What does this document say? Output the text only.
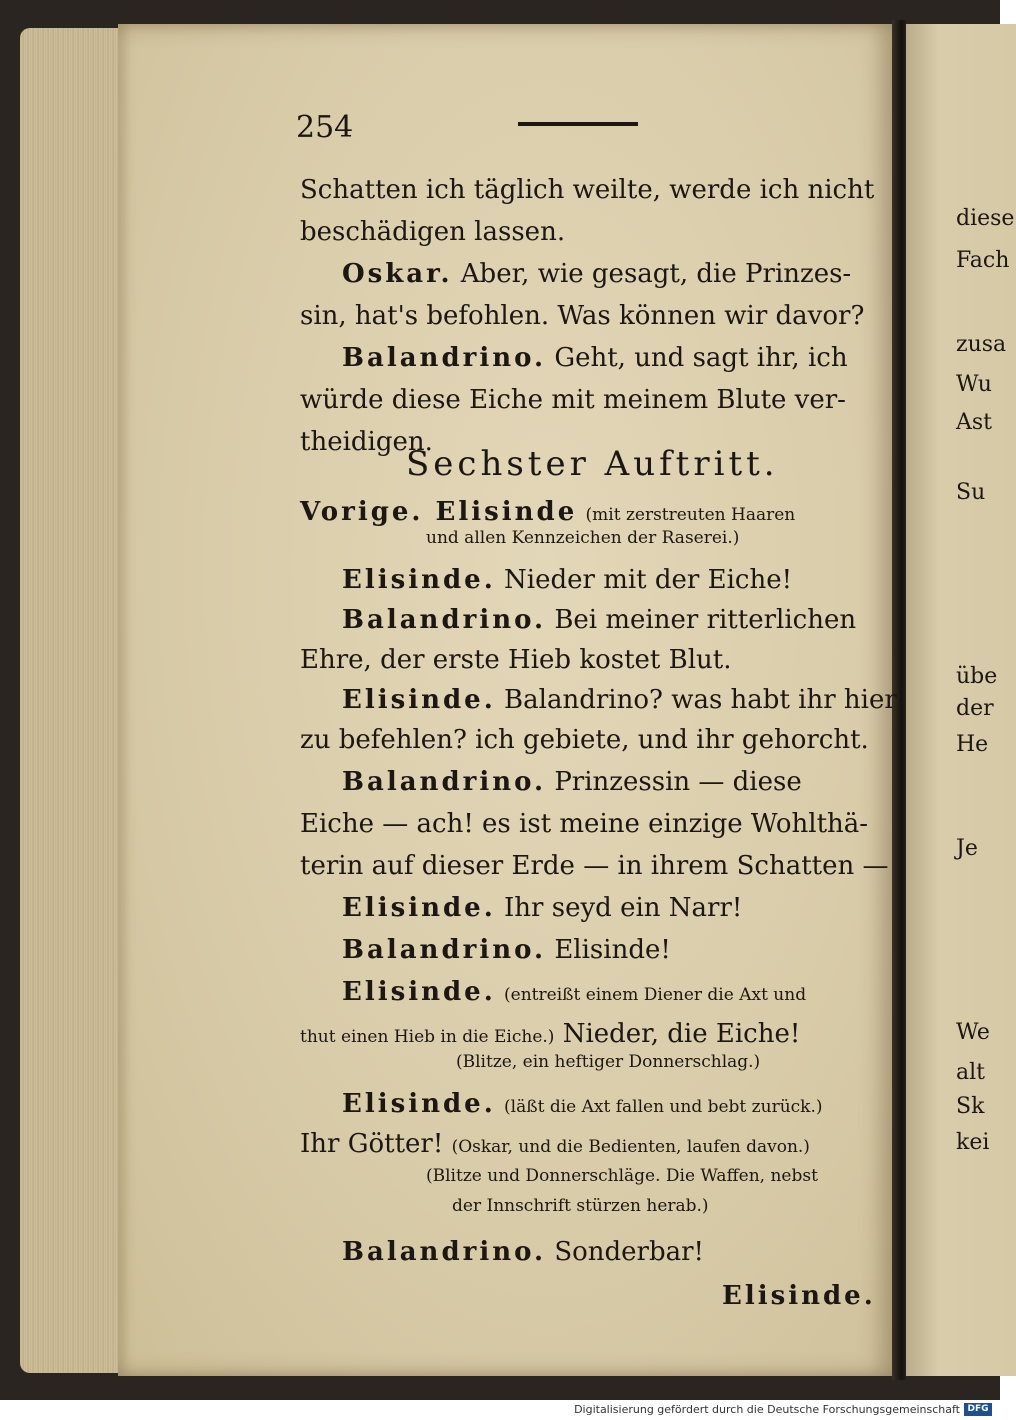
254
Schatten ich täglich weilte, werde ich nicht
beschädigen lassen.
Oskar. Aber, wie gesagt, die Prinzes-
sin, hat's befohlen. Was können wir davor?
Balandrino. Geht, und sagt ihr, ich
würde diese Eiche mit meinem Blute ver-
theidigen.
Sechster Auftritt.
Vorige. Elisinde (mit zerstreuten Haaren
und allen Kennzeichen der Raserei.)
Elisinde. Nieder mit der Eiche!
Balandrino. Bei meiner ritterlichen
Ehre, der erste Hieb kostet Blut.
Elisinde. Balandrino? was habt ihr hier
zu befehlen? ich gebiete, und ihr gehorcht.
Balandrino. Prinzessin — diese
Eiche — ach! es ist meine einzige Wohlthä-
terin auf dieser Erde — in ihrem Schatten —
Elisinde. Ihr seyd ein Narr!
Balandrino. Elisinde!
Elisinde. (entreißt einem Diener die Axt und
thut einen Hieb in die Eiche.) Nieder, die Eiche!
(Blitze, ein heftiger Donnerschlag.)
Elisinde. (läßt die Axt fallen und bebt zurück.)
Ihr Götter! (Oskar, und die Bedienten, laufen davon.)
(Blitze und Donnerschläge. Die Waffen, nebst
der Innschrift stürzen herab.)
Balandrino. Sonderbar!
Elisinde.
diese
Fach
zusa
Wu
Ast
Su
übe
der
He
Je
We
alt
Sk
kei
Digitalisierung gefördert durch die Deutsche Forschungsgemeinschaft DFG
